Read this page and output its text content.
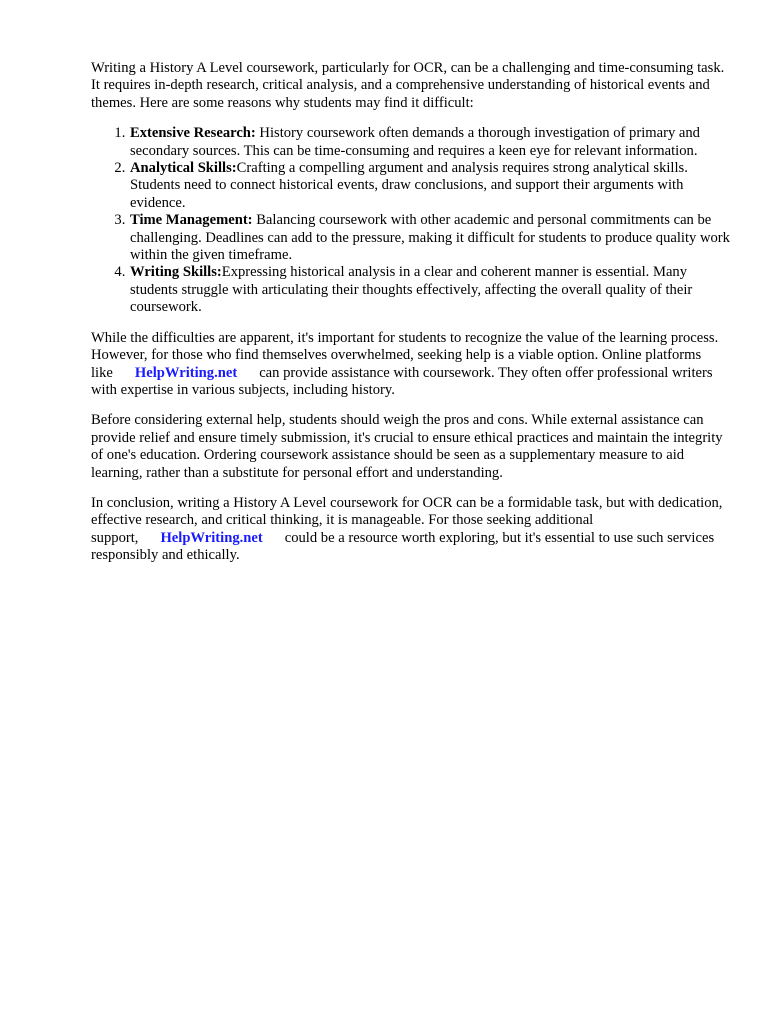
Writing a History A Level coursework, particularly for OCR, can be a challenging and time-consuming task. It requires in-depth research, critical analysis, and a comprehensive understanding of historical events and themes. Here are some reasons why students may find it difficult:

1. Extensive Research: History coursework often demands a thorough investigation of primary and secondary sources. This can be time-consuming and requires a keen eye for relevant information.
2. Analytical Skills:Crafting a compelling argument and analysis requires strong analytical skills. Students need to connect historical events, draw conclusions, and support their arguments with evidence.
3. Time Management: Balancing coursework with other academic and personal commitments can be challenging. Deadlines can add to the pressure, making it difficult for students to produce quality work within the given timeframe.
4. Writing Skills:Expressing historical analysis in a clear and coherent manner is essential. Many students struggle with articulating their thoughts effectively, affecting the overall quality of their coursework.

While the difficulties are apparent, it's important for students to recognize the value of the learning process. However, for those who find themselves overwhelmed, seeking help is a viable option. Online platforms like HelpWriting.net can provide assistance with coursework. They often offer professional writers with expertise in various subjects, including history.

Before considering external help, students should weigh the pros and cons. While external assistance can provide relief and ensure timely submission, it's crucial to ensure ethical practices and maintain the integrity of one's education. Ordering coursework assistance should be seen as a supplementary measure to aid learning, rather than a substitute for personal effort and understanding.

In conclusion, writing a History A Level coursework for OCR can be a formidable task, but with dedication, effective research, and critical thinking, it is manageable. For those seeking additional support, HelpWriting.net could be a resource worth exploring, but it's essential to use such services responsibly and ethically.
